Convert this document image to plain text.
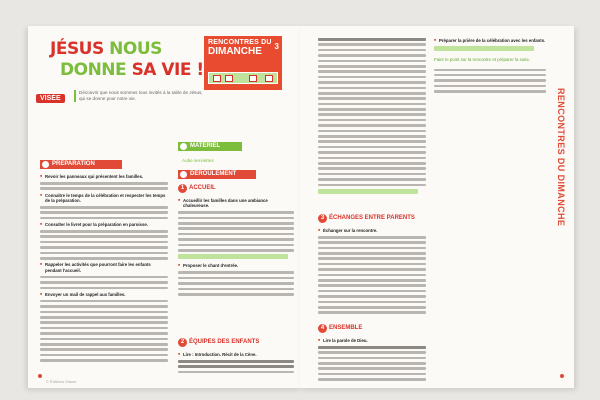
JÉSUS NOUS
DONNE SA VIE !
RENCONTRES DU
DIMANCHE	3
VISÉE
Découvrir que nous sommes tous invités à la table de Jésus, qui se donne pour notre vie.
MATÉRIEL
Aube serviettes
DÉROULEMENT
PRÉPARATION

■ Revoir les panneaux qui présentent les familles.

■ Connaître le temps de la célébration et respecter les temps de la préparation.

■ Consulter le livret pour la préparation en paroisse.

■ Rappeler les activités que pourront faire les enfants pendant l'accueil.

■ Envoyer un mail de rappel aux familles.

1 ACCUEIL

■ Accueillir les familles dans une ambiance chaleureuse.

■ Proposer le chant d'entrée.

2 ÉQUIPES DES ENFANTS

■ Lire : Introduction. Récit de la Cène.

© Éditions Mame
3 ÉCHANGES ENTRE PARENTS

■ Échanger sur la rencontre.

4 ENSEMBLE

■ Lire la parole de Dieu.

■ Préparer la prière de la célébration avec les enfants.

Faire le point sur la rencontre et préparer la suite.
RENCONTRES DU DIMANCHE
